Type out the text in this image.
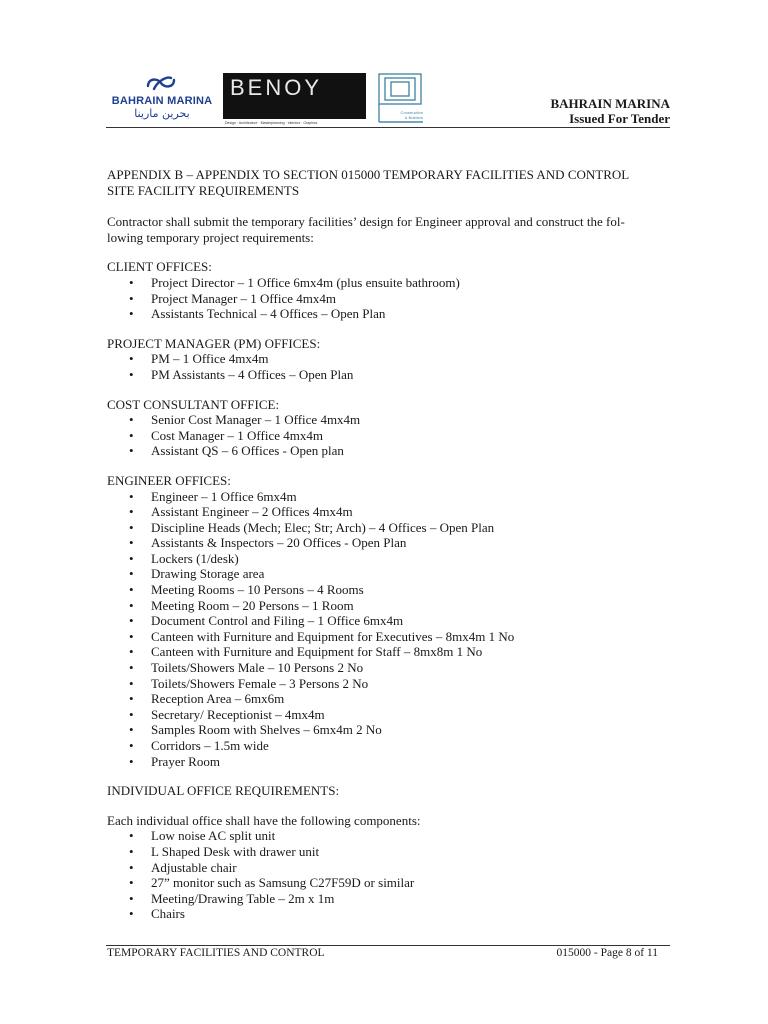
BAHRAIN MARINA
بحرين مارينا
BENOY
Design · Architecture · Masterplanning · Interiors · Graphics
Construction
& Builders
BAHRAIN MARINA
Issued For Tender

APPENDIX B – APPENDIX TO SECTION 015000 TEMPORARY FACILITIES AND CONTROL

SITE FACILITY REQUIREMENTS

Contractor shall submit the temporary facilities’ design for Engineer approval and construct the fol-

lowing temporary project requirements:

CLIENT OFFICES:

• Project Director – 1 Office 6mx4m (plus ensuite bathroom)
• Project Manager – 1 Office 4mx4m
• Assistants Technical – 4 Offices – Open Plan

PROJECT MANAGER (PM) OFFICES:

• PM – 1 Office 4mx4m
• PM Assistants – 4 Offices – Open Plan

COST CONSULTANT OFFICE:

• Senior Cost Manager – 1 Office 4mx4m
• Cost Manager – 1 Office 4mx4m
• Assistant QS – 6 Offices - Open plan

ENGINEER OFFICES:

• Engineer – 1 Office 6mx4m
• Assistant Engineer – 2 Offices 4mx4m
• Discipline Heads (Mech; Elec; Str; Arch) – 4 Offices – Open Plan
• Assistants & Inspectors – 20 Offices - Open Plan
• Lockers (1/desk)
• Drawing Storage area
• Meeting Rooms – 10 Persons – 4 Rooms
• Meeting Room – 20 Persons – 1 Room
• Document Control and Filing – 1 Office 6mx4m
• Canteen with Furniture and Equipment for Executives – 8mx4m 1 No
• Canteen with Furniture and Equipment for Staff – 8mx8m 1 No
• Toilets/Showers Male – 10 Persons 2 No
• Toilets/Showers Female – 3 Persons 2 No
• Reception Area – 6mx6m
• Secretary/ Receptionist – 4mx4m
• Samples Room with Shelves – 6mx4m 2 No
• Corridors – 1.5m wide
• Prayer Room

INDIVIDUAL OFFICE REQUIREMENTS:

Each individual office shall have the following components:

• Low noise AC split unit
• L Shaped Desk with drawer unit
• Adjustable chair
• 27” monitor such as Samsung C27F59D or similar
• Meeting/Drawing Table – 2m x 1m
• Chairs
TEMPORARY FACILITIES AND CONTROL	015000 - Page 8 of 11
